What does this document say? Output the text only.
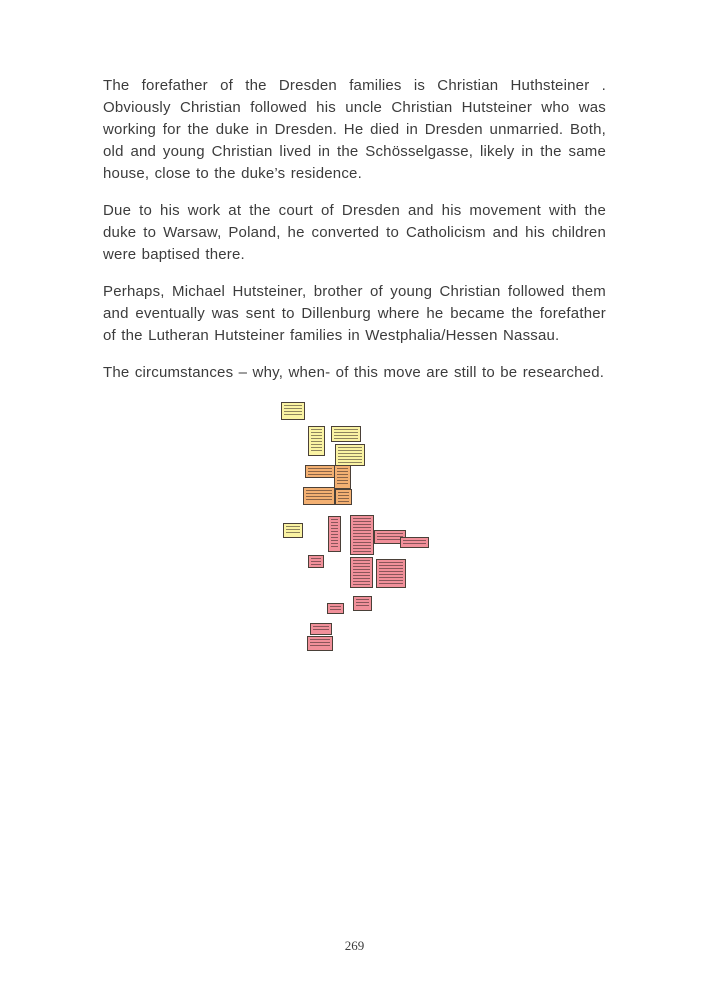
The forefather of the Dresden families is Christian Huthsteiner . Obviously Christian followed his uncle Christian Hutsteiner who was working for the duke in Dresden. He died in Dresden unmarried. Both, old and young Christian lived in the Schösselgasse, likely in the same house, close to the duke’s residence.

Due to his work at the court of Dresden and his movement with the duke to Warsaw, Poland, he converted to Catholicism and his children were baptised there.

Perhaps, Michael Hutsteiner, brother of young Christian followed them and eventually was sent to Dillenburg where he became the forefather of the Lutheran Hutsteiner families in Westphalia/Hessen Nassau.

The circumstances – why, when- of this move are still to be researched.

269
